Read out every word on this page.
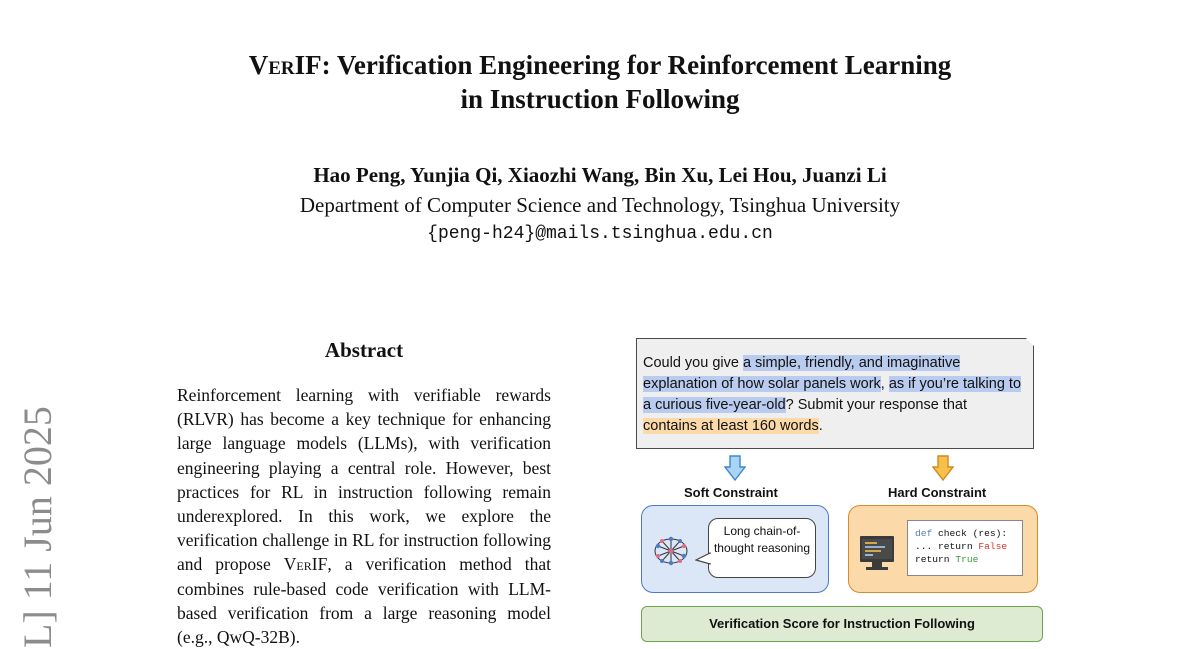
VerIF: Verification Engineering for Reinforcement Learning
in Instruction Following
Hao Peng, Yunjia Qi, Xiaozhi Wang, Bin Xu, Lei Hou, Juanzi Li
Department of Computer Science and Technology, Tsinghua University
{peng-h24}@mails.tsinghua.edu.cn
L] 11 Jun 2025
Abstract

Reinforcement learning with verifiable rewards (RLVR) has become a key technique for enhancing large language models (LLMs), with verification engineering playing a central role. However, best practices for RL in instruction following remain underexplored. In this work, we explore the verification challenge in RL for instruction following and propose VerIF, a verification method that combines rule-based code verification with LLM-based verification from a large reasoning model (e.g., QwQ-32B).

Could you give a simple, friendly, and imaginative explanation of how solar panels work, as if you’re talking to a curious five-year-old? Submit your response that contains at least 160 words.
Soft Constraint	Hard Constraint
Long chain-of-thought reasoning
def check (res):
... return False
return True
Verification Score for Instruction Following
